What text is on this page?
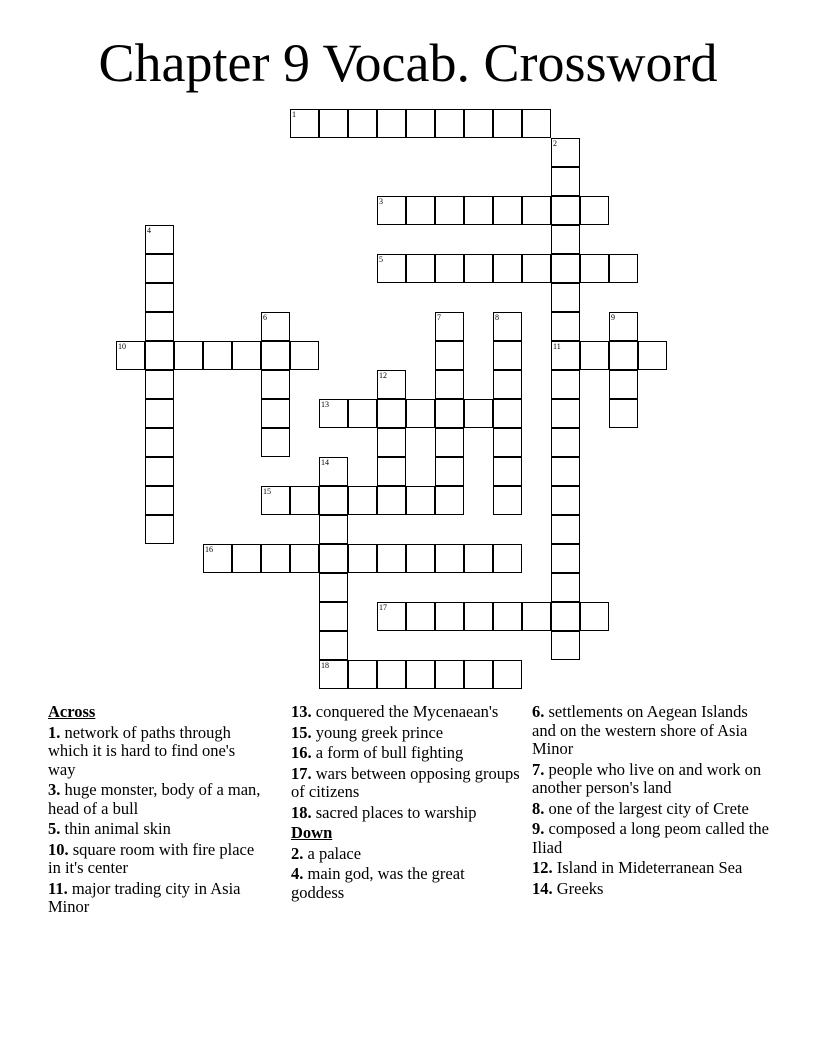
Chapter 9 Vocab. Crossword
1
2
11
3
4
5
6	7	8	9
10
12
13
14
18
15
16
17
Across
1. network of paths through which it is hard to find one's way
3. huge monster, body of a man, head of a bull
5. thin animal skin
10. square room with fire place in it's center
11. major trading city in Asia Minor
13. conquered the Mycenaean's
15. young greek prince
16. a form of bull fighting
17. wars between opposing groups of citizens
18. sacred places to warship
Down
2. a palace
4. main god, was the great goddess
6. settlements on Aegean Islands and on the western shore of Asia Minor
7. people who live on and work on another person's land
8. one of the largest city of Crete
9. composed a long peom called the Iliad
12. Island in Mideterranean Sea
14. Greeks
